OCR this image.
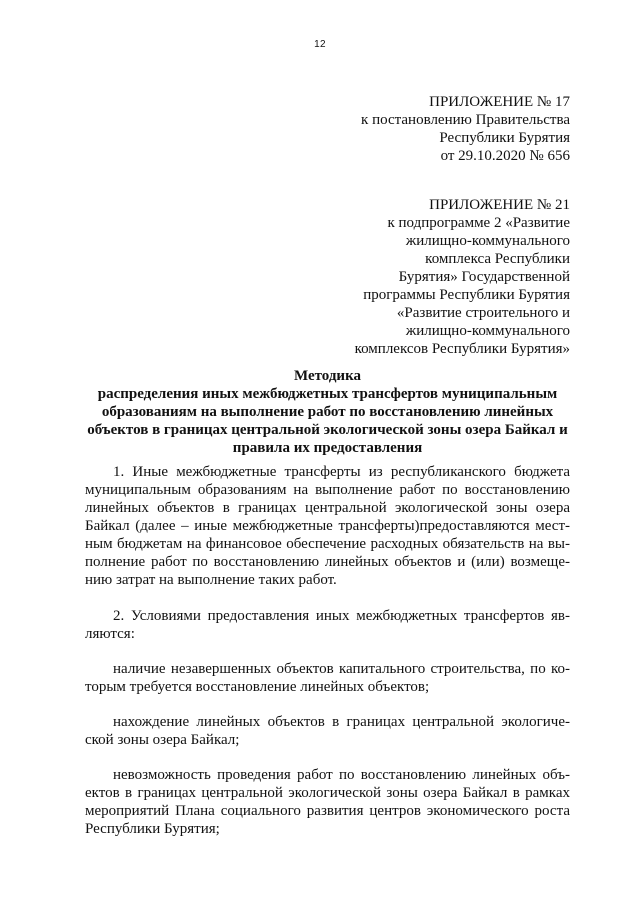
12
ПРИЛОЖЕНИЕ № 17
к постановлению Правительства
Республики Бурятия
от 29.10.2020 № 656
ПРИЛОЖЕНИЕ № 21
к подпрограмме 2 «Развитие
жилищно-коммунального
комплекса Республики
Бурятия» Государственной
программы Республики Бурятия
«Развитие строительного и
жилищно-коммунального
комплексов Республики Бурятия»
Методика
распределения иных межбюджетных трансфертов муниципальным
образованиям на выполнение работ по восстановлению линейных
объектов в границах центральной экологической зоны озера Байкал и
правила их предоставления

1. Иные межбюджетные трансферты из республиканского бюджета
муниципальным образованиям на выполнение работ по восстановлению
линейных объектов в границах центральной экологической зоны озера
Байкал (далее – иные межбюджетные трансферты)предоставляются мест-
ным бюджетам на финансовое обеспечение расходных обязательств на вы-
полнение работ по восстановлению линейных объектов и (или) возмеще-
нию затрат на выполнение таких работ.

2. Условиями предоставления иных межбюджетных трансфертов яв-
ляются:

наличие незавершенных объектов капитального строительства, по ко-
торым требуется восстановление линейных объектов;

нахождение линейных объектов в границах центральной экологиче-
ской зоны озера Байкал;

невозможность проведения работ по восстановлению линейных объ-
ектов в границах центральной экологической зоны озера Байкал в рамках
мероприятий Плана социального развития центров экономического роста
Республики Бурятия;
